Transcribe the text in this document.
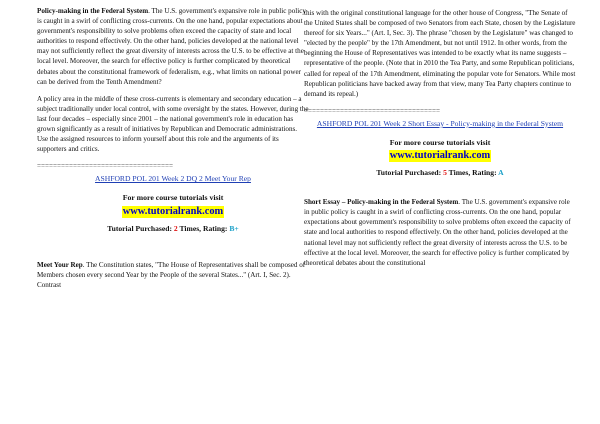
Policy-making in the Federal System. The U.S. government's expansive role in public policy is caught in a swirl of conflicting cross-currents. On the one hand, popular expectations about government's responsibility to solve problems often exceed the capacity of state and local authorities to respond effectively. On the other hand, policies developed at the national level may not sufficiently reflect the great diversity of interests across the U.S. to be effective at the local level. Moreover, the search for effective policy is further complicated by theoretical debates about the constitutional framework of federalism, e.g., what limits on national power can be derived from the Tenth Amendment?

A policy area in the middle of these cross-currents is elementary and secondary education – a subject traditionally under local control, with some oversight by the states. However, during the last four decades – especially since 2001 – the national government's role in education has grown significantly as a result of initiatives by Republican and Democratic administrations. Use the assigned resources to inform yourself about this role and the arguments of its supporters and critics.

==================================
ASHFORD POL 201 Week 2 DQ 2 Meet Your Rep
For more course tutorials visit
www.tutorialrank.com
Tutorial Purchased: 2 Times, Rating: B+

Meet Your Rep. The Constitution states, "The House of Representatives shall be composed of Members chosen every second Year by the People of the several States..." (Art. I, Sec. 2). Contrast

this with the original constitutional language for the other house of Congress, "The Senate of the United States shall be composed of two Senators from each State, chosen by the Legislature thereof for six Years..." (Art. I, Sec. 3). The phrase "chosen by the Legislature" was changed to "elected by the people" by the 17th Amendment, but not until 1912. In other words, from the beginning the House of Representatives was intended to be exactly what its name suggests – representative of the people. (Note that in 2010 the Tea Party, and some Republican politicians, called for repeal of the 17th Amendment, eliminating the popular vote for Senators. While most Republican politicians have backed away from that view, many Tea Party chapters continue to demand its repeal.)

==================================
ASHFORD POL 201 Week 2 Short Essay - Policy-making in the Federal System
For more course tutorials visit
www.tutorialrank.com
Tutorial Purchased: 5 Times, Rating: A

Short Essay – Policy-making in the Federal System. The U.S. government's expansive role in public policy is caught in a swirl of conflicting cross-currents. On the one hand, popular expectations about government's responsibility to solve problems often exceed the capacity of state and local authorities to respond effectively. On the other hand, policies developed at the national level may not sufficiently reflect the great diversity of interests across the U.S. to be effective at the local level. Moreover, the search for effective policy is further complicated by theoretical debates about the constitutional
